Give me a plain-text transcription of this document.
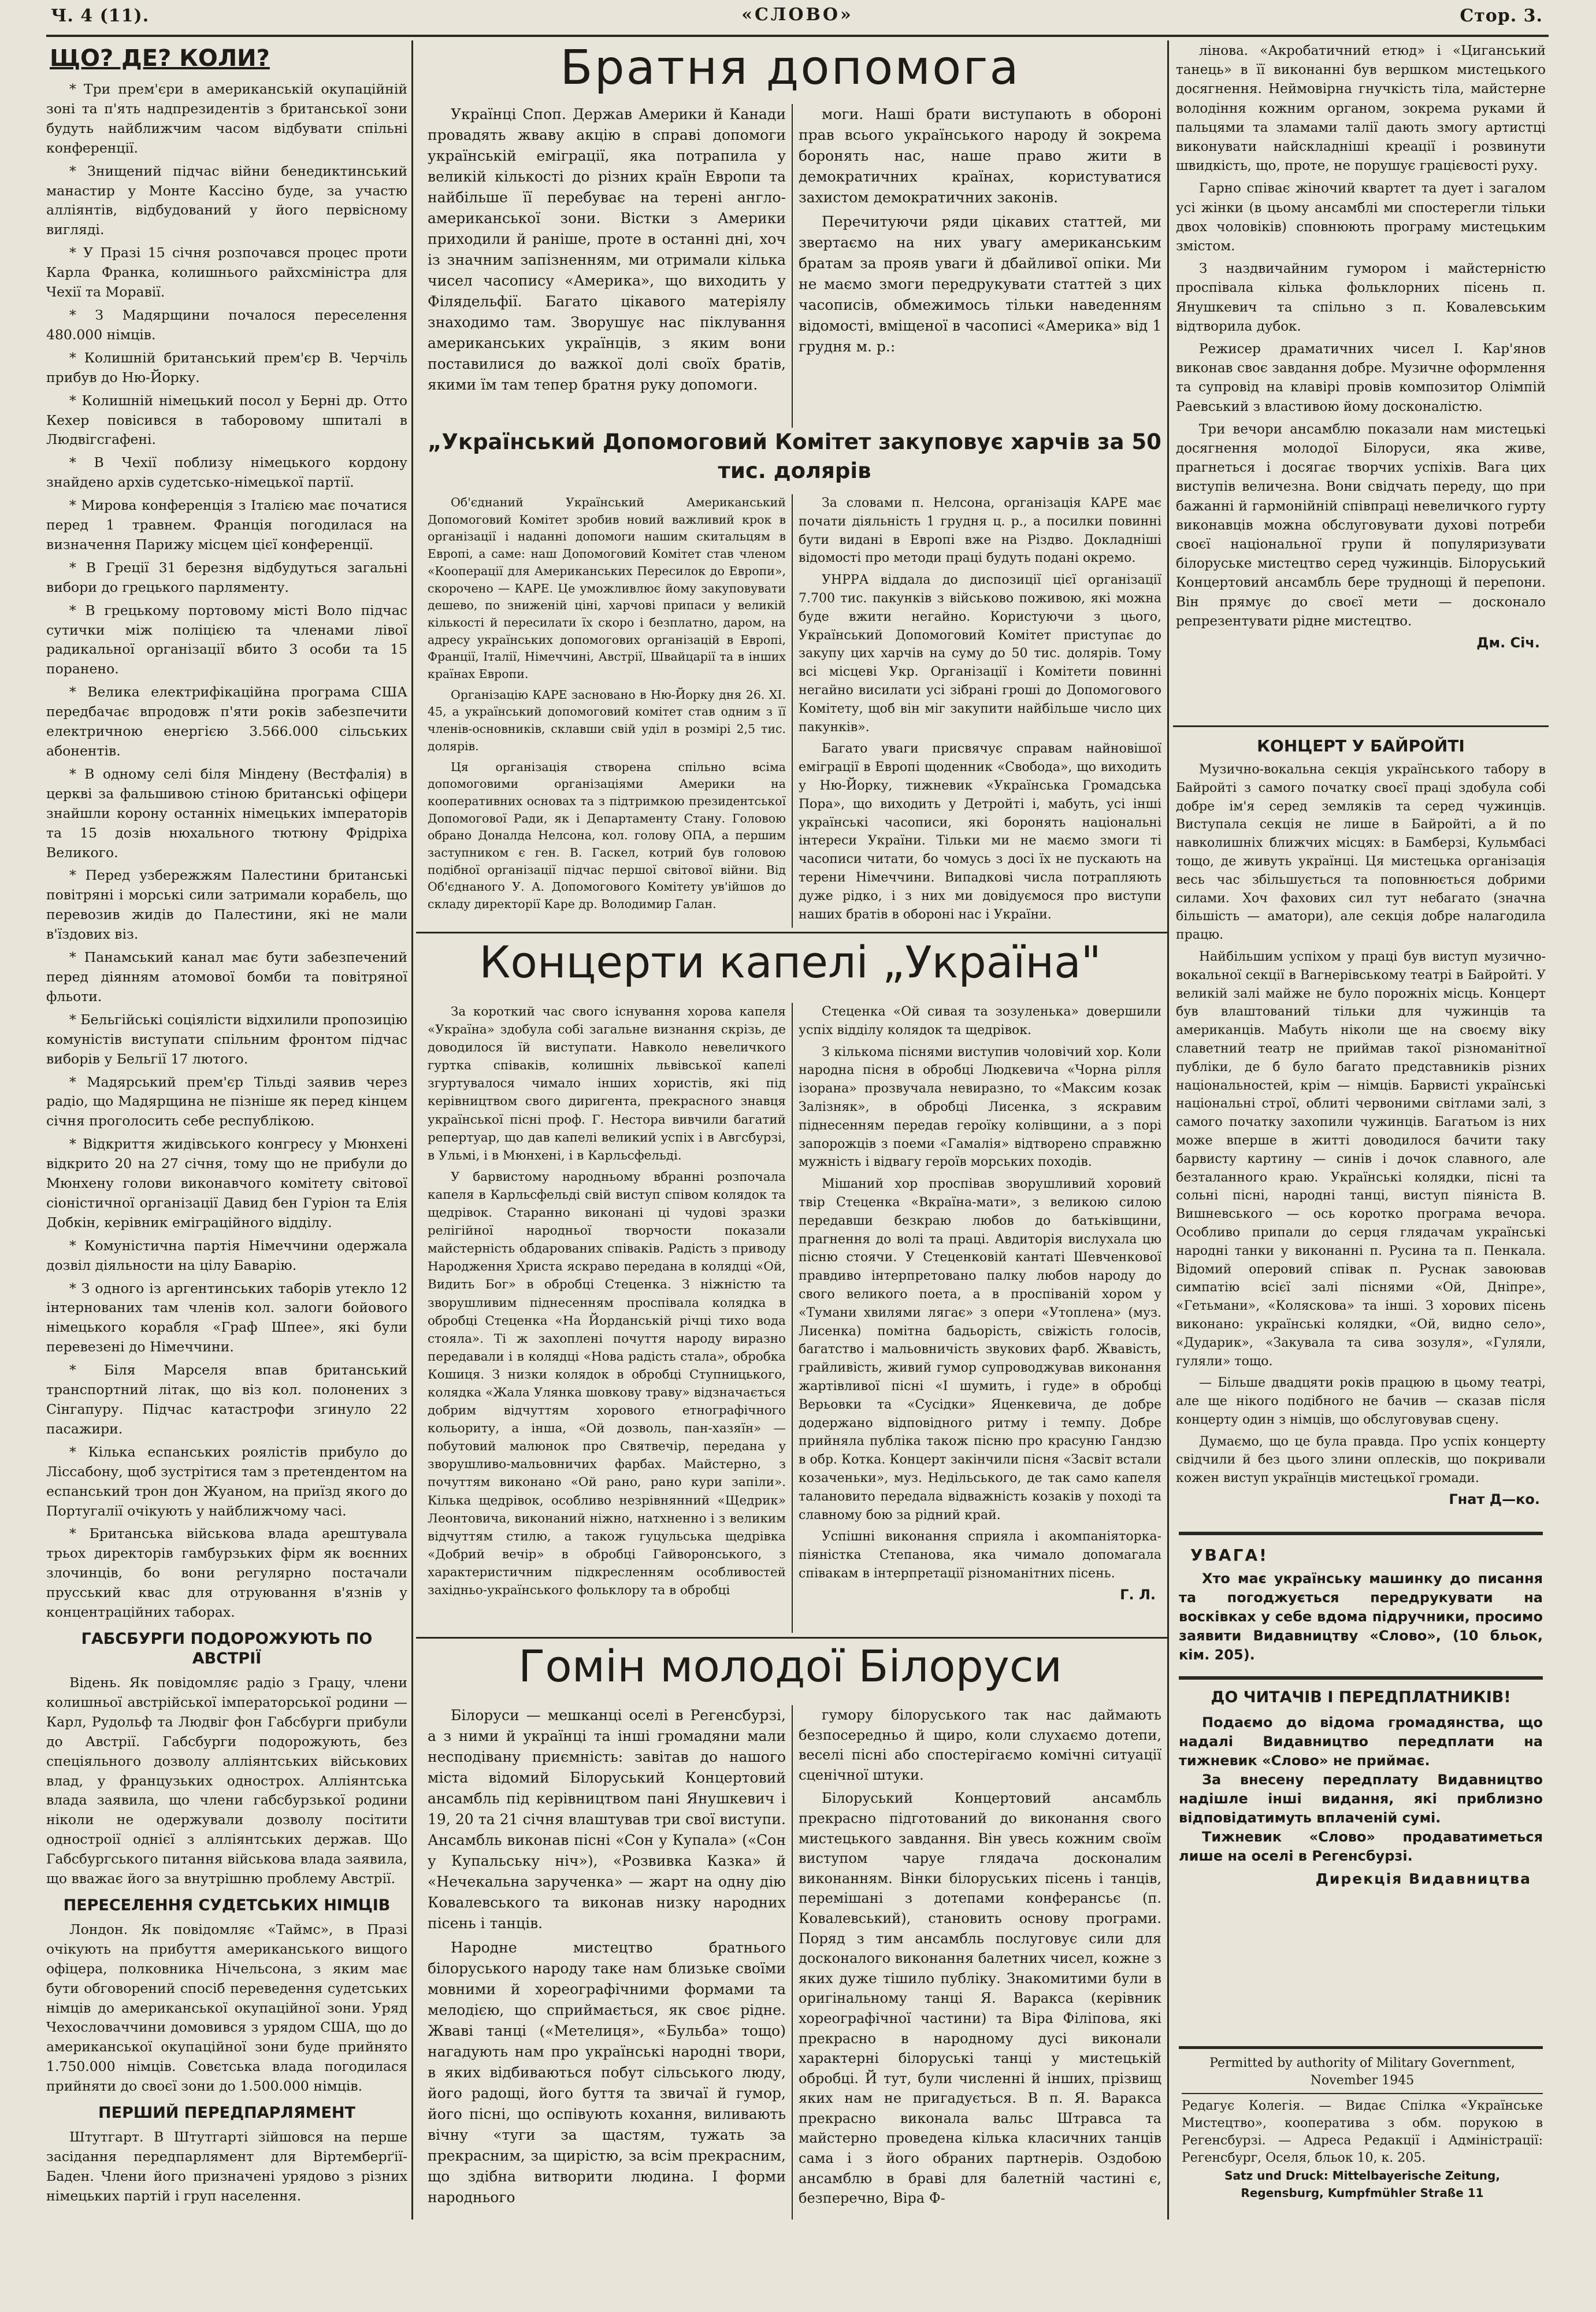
Ч. 4 (11).	«СЛОВО»	Стор. 3.
ЩО? ДЕ? КОЛИ?

* Три прем'єри в американській окупаційній зоні та п'ять надпрезидентів з британської зони будуть найближчим часом відбувати спільні конференції.

* Знищений підчас війни бенедиктинський манастир у Монте Кассіно буде, за участю алліянтів, відбудований у його первісному вигляді.

* У Празі 15 січня розпочався процес проти Карла Франка, колишнього райхсміністра для Чехії та Моравії.

* З Мадярщини почалося переселення 480.000 німців.

* Колишній британський прем'єр В. Черчіль прибув до Ню-Йорку.

* Колишній німецький посол у Берні др. Отто Кехер повісився в таборовому шпиталі в Людвігсгафені.

* В Чехії поблизу німецького кордону знайдено архів судетсько-німецької партії.

* Мирова конференція з Італією має початися перед 1 травнем. Франція погодилася на визначення Парижу місцем цієї конференції.

* В Греції 31 березня відбудуться загальні вибори до грецького парляменту.

* В грецькому портовому місті Воло підчас сутички між поліцією та членами лівої радикальної організації вбито 3 особи та 15 поранено.

* Велика електрифікаційна програма США передбачає впродовж п'яти років забезпечити електричною енергією 3.566.000 сільських абонентів.

* В одному селі біля Міндену (Вестфалія) в церкві за фальшивою стіною британські офіцери знайшли корону останніх німецьких імператорів та 15 дозів нюхального тютюну Фрідріха Великого.

* Перед узбережжям Палестини британські повітряні і морські сили затримали корабель, що перевозив жидів до Палестини, які не мали в'їздових віз.

* Панамський канал має бути забезпечений перед діянням атомової бомби та повітряної фльоти.

* Бельгійські соціялісти відхилили пропозицію комуністів виступати спільним фронтом підчас виборів у Бельгії 17 лютого.

* Мадярський прем'єр Тільді заявив через радіо, що Мадярщина не пізніше як перед кінцем січня проголосить себе республікою.

* Відкриття жидівського конгресу у Мюнхені відкрито 20 на 27 січня, тому що не прибули до Мюнхену голови виконавчого комітету світової сіоністичної організації Давид бен Гуріон та Елія Добкін, керівник еміграційного відділу.

* Комуністична партія Німеччини одержала дозвіл діяльности на цілу Баварію.

* З одного із аргентинських таборів утекло 12 інтернованих там членів кол. залоги бойового німецького корабля «Граф Шпее», які були перевезені до Німеччини.

* Біля Марселя впав британський транспортний літак, що віз кол. полонених з Сінгапуру. Підчас катастрофи згинуло 22 пасажири.

* Кілька еспанських роялістів прибуло до Ліссабону, щоб зустрітися там з претендентом на еспанський трон дон Жуаном, на приїзд якого до Португалії очікують у найближчому часі.

* Британська військова влада арештувала трьох директорів гамбурзьких фірм як воєнних злочинців, бо вони регулярно постачали прусський квас для отруювання в'язнів у концентраційних таборах.

ГАБСБУРГИ ПОДОРОЖУЮТЬ ПО АВСТРІЇ

Відень. Як повідомляє радіо з Грацу, члени колишньої австрійської імператорської родини — Карл, Рудольф та Людвіг фон Габсбурги прибули до Австрії. Габсбурги подорожують, без спеціяльного дозволу алліянтських військових влад, у французьких однострох. Алліянтська влада заявила, що члени габсбурзької родини ніколи не одержували дозволу посітити одностроії однієї з алліянтських держав. Що Габсбургського питання військова влада заявила, що вважає його за внутрішню проблему Австрії.

ПЕРЕСЕЛЕННЯ СУДЕТСЬКИХ НІМЦІВ

Лондон. Як повідомляє «Таймс», в Празі очікують на прибуття американського вищого офіцера, полковника Нічельсона, з яким має бути обговорений спосіб переведення судетських німців до американської окупаційної зони. Уряд Чехословаччини домовився з урядом США, що до американської окупаційної зони буде прийнято 1.750.000 німців. Совєтська влада погодилася прийняти до своєї зони до 1.500.000 німців.

ПЕРШИЙ ПЕРЕДПАРЛЯМЕНТ

Штутгарт. В Штутгарті зійшовся на перше засідання передпарлямент для Віртемберґії-Баден. Члени його призначені урядово з різних німецьких партій і груп населення.

Братня допомога

Українці Споп. Держав Америки й Канади провадять жваву акцію в справі допомоги українській еміграції, яка потрапила у великій кількості до різних країн Европи та найбільше її перебуває на терені англо-американської зони. Вістки з Америки приходили й раніше, проте в останні дні, хоч із значним запізненням, ми отримали кілька чисел часопису «Америка», що виходить у Філядельфії. Багато цікавого матеріялу знаходимо там. Зворушує нас піклування американських українців, з яким вони поставилися до важкої долі своїх братів, якими їм там тепер братня руку допомоги.

моги. Наші брати виступають в обороні прав всього українського народу й зокрема боронять нас, наше право жити в демократичних країнах, користуватися захистом демократичних законів.

Перечитуючи ряди цікавих статтей, ми звертаємо на них увагу американським братам за прояв уваги й дбайливої опіки. Ми не маємо змоги передрукувати статтей з цих часописів, обмежимось тільки наведенням відомості, вміщеної в часописі «Америка» від 1 грудня м. р.:

„Український Допомоговий Комітет закуповує харчів за 50 тис. долярів

Об'єднаний Український Американський Допомоговий Комітет зробив новий важливий крок в організації і наданні допомоги нашим скитальцям в Европі, а саме: наш Допомоговий Комітет став членом «Кооперації для Американських Пересилок до Европи», скорочено — КАРЕ. Це уможливлює йому закуповувати дешево, по зниженій ціні, харчові припаси у великій кількості й пересилати їх скоро і безплатно, даром, на адресу українських допомогових організацій в Европі, Франції, Італії, Німеччині, Австрії, Швайцарії та в інших країнах Европи.

Організацію КАРЕ засновано в Ню-Йорку дня 26. XI. 45, а український допомоговий комітет став одним з її членів-основників, склавши свій уділ в розмірі 2,5 тис. долярів.

Ця організація створена спільно всіма допомоговими організаціями Америки на кооперативних основах та з підтримкою президентської Допомогової Ради, як і Департаменту Стану. Головою обрано Доналда Нелсона, кол. голову ОПА, а першим заступником є ген. В. Гаскел, котрий був головою подібної організації підчас першої світової війни. Від Об'єднаного У. А. Допомогового Комітету ув'ійшов до складу директорії Каре др. Володимир Галан.

За словами п. Нелсона, організація КАРЕ має почати діяльність 1 грудня ц. р., а посилки повинні бути видані в Европі вже на Різдво. Докладніші відомості про методи праці будуть подані окремо.

УНРРА віддала до диспозиції цієї організації 7.700 тис. пакунків з військово поживою, які можна буде вжити негайно. Користуючи з цього, Український Допомоговий Комітет приступає до закупу цих харчів на суму до 50 тис. долярів. Тому всі місцеві Укр. Організації і Комітети повинні негайно висилати усі зібрані гроші до Допомогового Комітету, щоб він міг закупити найбільше число цих пакунків».

Багато уваги присвячує справам найновішої еміграції в Европі щоденник «Свобода», що виходить у Ню-Йорку, тижневик «Українська Громадська Пора», що виходить у Детройті і, мабуть, усі інші українські часописи, які боронять національні інтереси України. Тільки ми не маємо змоги ті часописи читати, бо чомусь з досі їх не пускають на терени Німеччини. Випадкові числа потрапляють дуже рідко, і з них ми довідуємося про виступи наших братів в обороні нас і України.

Концерти капелі „Україна"

За короткий час свого існування хорова капеля «Україна» здобула собі загальне визнання скрізь, де доводилося їй виступати. Навколо невеличкого гуртка співаків, колишніх львівської капелі згуртувалося чимало інших хористів, які під керівництвом свого диригента, прекрасного знавця української пісні проф. Г. Нестора вивчили багатий репертуар, що дав капелі великий успіх і в Авгсбурзі, в Ульмі, і в Мюнхені, і в Карльсфельді.

У барвистому народньому вбранні розпочала капеля в Карльсфельді свій виступ співом колядок та щедрівок. Старанно виконані ці чудові зразки релігійної народньої творчости показали майстерність обдарованих співаків. Радість з приводу Народження Христа яскраво передана в колядці «Ой, Видить Бог» в обробці Стеценка. З ніжністю та зворушливим піднесенням проспівала колядка в обробці Стеценка «На Йорданській річці тихо вода стояла». Ті ж захоплені почуття народу виразно передавали і в колядці «Нова радість стала», обробка Кошиця. З низки колядок в обробці Ступницького, колядка «Жала Улянка шовкову траву» відзначається добрим відчуттям хорового етнографічного кольориту, а інша, «Ой дозволь, пан-хазяїн» — побутовий малюнок про Святвечір, передана у зворушливо-мальовничих фарбах. Майстерно, з почуттям виконано «Ой рано, рано кури запіли». Кілька щедрівок, особливо незрівнянний «Щедрик» Леонтовича, виконаний ніжно, натхненно і з великим відчуттям стилю, а також гуцульська щедрівка «Добрий вечір» в обробці Гайворонського, з характеристичним підкресленням особливостей західньо-українського фольклору та в обробці

Стеценка «Ой сивая та зозуленька» довершили успіх відділу колядок та щедрівок.

З кількома піснями виступив чоловічий хор. Коли народна пісня в обробці Людкевича «Чорна рілля ізорана» прозвучала невиразно, то «Максим козак Залізняк», в обробці Лисенка, з яскравим піднесенням передав героїку колівщини, а з порі запорожців з поеми «Гамалія» відтворено справжню мужність і відвагу героїв морських походів.

Мішаний хор проспівав зворушливий хоровий твір Стеценка «Вкраїна-мати», з великою силою передавши безкраю любов до батьківщини, прагнення до волі та праці. Авдиторія вислухала цю пісню стоячи. У Стеценковій кантаті Шевченкової правдиво інтерпретовано палку любов народу до свого великого поета, а в проспіваній хором у «Тумани хвилями лягає» з опери «Утоплена» (муз. Лисенка) помітна бадьорість, свіжість голосів, багатство і мальовничість звукових фарб. Жвавість, грайливість, живий гумор супроводжував виконання жартівливої пісні «І шумить, і гуде» в обробці Верьовки та «Сусідки» Яценкевича, де добре додержано відповідного ритму і темпу. Добре прийняла публіка також пісню про красуню Гандзю в обр. Котка. Концерт закінчили пісня «Засвіт встали козаченьки», муз. Недільського, де так само капеля талановито передала відважність козаків у поході та славному бою за рідний край.

Успішні виконання сприяла і акомпаніяторка-піяністка Степанова, яка чимало допомагала співакам в інтерпретації різноманітних пісень.

Г. Л.
Гомін молодої Білоруси

Білоруси — мешканці оселі в Регенсбурзі, а з ними й українці та інші громадяни мали несподівану приємність: завітав до нашого міста відомий Білоруський Концертовий ансамбль під керівництвом пані Янушкевич і 19, 20 та 21 січня влаштував три свої виступи. Ансамбль виконав пісні «Сон у Купала» («Сон у Купальську ніч»), «Розвивка Казка» й «Нечекальна зарученка» — жарт на одну дію Ковалевського та виконав низку народних пісень і танців.

Народне мистецтво братнього білоруського народу таке нам близьке своїми мовними й хореографічними формами та мелодією, що сприймається, як своє рідне. Жваві танці («Метелиця», «Бульба» тощо) нагадують нам про українські народні твори, в яких відбиваються побут сільського люду, його радощі, його буття та звичаї й гумор, його пісні, що оспівують кохання, виливають вічну «туги за щастям, тужать за прекрасним, за щирістю, за всім прекрасним, що здібна витворити людина. І форми народнього

гумору білоруського так нас даймають безпосередньо й щиро, коли слухаємо дотепи, веселі пісні або спостерігаємо комічні ситуації сценічної штуки.

Білоруський Концертовий ансамбль прекрасно підготований до виконання свого мистецького завдання. Він увесь кожним своїм виступом чаруе глядача досконалим виконанням. Вінки білоруських пісень і танців, перемішані з дотепами конферансьє (п. Ковалевський), становить основу програми. Поряд з тим ансамбль послуговує сили для досконалого виконання балетних чисел, кожне з яких дуже тішило публіку. Знакомитими були в оригінальному танці Я. Варакса (керівник хореографічної частини) та Віра Філіпова, які прекрасно в народному дусі виконали характерні білоруські танці у мистецькій обробці. Й тут, були численні й інших, прізвищ яких нам не пригадується. В п. Я. Варакса прекрасно виконала вальс Штравса та майстерно проведена кілька класичних танців сама і з його обраних партнерів. Оздобою ансамблю в браві для балетній частині є, безперечно, Віра Ф-

лінова. «Акробатичний етюд» і «Циганський танець» в її виконанні був вершком мистецького досягнення. Неймовірна гнучкість тіла, майстерне володіння кожним органом, зокрема руками й пальцями та зламами талії дають змогу артистці виконувати найскладніші креації і розвинути швидкість, що, проте, не порушує грацієвості руху.

Гарно співає жіночий квартет та дует і загалом усі жінки (в цьому ансамблі ми спостерегли тільки двох чоловіків) сповнюють програму мистецьким змістом.

З наздвичайним гумором і майстерністю проспівала кілька фольклорних пісень п. Янушкевич та спільно з п. Ковалевським відтворила дубок.

Режисер драматичних чисел І. Кар'янов виконав своє завдання добре. Музичне оформлення та супровід на клавірі провів композитор Олімпій Раевський з властивою йому досконалістю.

Три вечори ансамблю показали нам мистецькі досягнення молодої Білоруси, яка живе, прагнеться і досягає творчих успіхів. Вага цих виступів величезна. Вони свідчать переду, що при бажанні й гармонійній співпраці невеличкого гурту виконавців можна обслуговувати духові потреби своєї національної групи й популяризувати білоруське мистецтво серед чужинців. Білоруський Концертовий ансамбль бере труднощі й перепони. Він прямує до своєї мети — досконало репрезентувати рідне мистецтво.

Дм. Січ.
КОНЦЕРТ У БАЙРОЙТІ

Музично-вокальна секція українського табору в Байройті з самого початку своєї праці здобула собі добре ім'я серед земляків та серед чужинців. Виступала секція не лише в Байройті, а й по навколишніх ближчих місцях: в Бамберзі, Кульмбасі тощо, де живуть українці. Ця мистецька організація весь час збільшується та поповнюється добрими силами. Хоч фахових сил тут небагато (значна більшість — аматори), але секція добре налагодила працю.

Найбільшим успіхом у праці був виступ музично-вокальної секції в Вагнерівському театрі в Байройті. У великій залі майже не було порожніх місць. Концерт був влаштований тільки для чужинців та американців. Мабуть ніколи ще на своєму віку славетний театр не приймав такої різноманітної публіки, де б було багато представників різних національностей, крім — німців. Барвисті українські національні строї, облиті червоними світлами залі, з самого початку захопили чужинців. Багатьом із них може вперше в житті доводилося бачити таку барвисту картину — синів і дочок славного, але безталанного краю. Українські колядки, пісні та сольні пісні, народні танці, виступ піяніста В. Вишневського — ось коротко програма вечора. Особливо припали до серця глядачам українські народні танки у виконанні п. Русина та п. Пенкала. Відомий оперовий співак п. Руснак завоював симпатію всієї залі піснями «Ой, Дніпре», «Гетьмани», «Коляскова» та інші. З хорових пісень виконано: українські колядки, «Ой, видно село», «Дударик», «Закувала та сива зозуля», «Гуляли, гуляли» тощо.

— Більше двадцяти років працюю в цьому театрі, але ще нікого подібного не бачив — сказав після концерту один з німців, що обслуговував сцену.

Думаємо, що це була правда. Про успіх концерту свідчили й без цього злини оплесків, що покривали кожен виступ українців мистецької громади.

Гнат Д—ко.
УВАГА!

Хто має українську машинку до писання та погоджується передрукувати на восківках у себе вдома підручники, просимо заявити Видавництву «Слово», (10 бльок, кім. 205).

ДО ЧИТАЧІВ І ПЕРЕДПЛАТНИКІВ!

Подаємо до відома громадянства, що надалі Видавництво передплати на тижневик «Слово» не приймає.

За внесену передплату Видавництво надішле інші видання, які приблизно відповідатимуть вплаченій сумі.

Тижневик «Слово» продаватиметься лише на оселі в Регенсбурзі.

Дирекція Видавництва

Permitted by authority of Military Government, November 1945

Редагує Колегія. — Видає Спілка «Українське Мистецтво», кооператива з обм. порукою в Регенсбурзі. — Адреса Редакції і Адміністрації: Регенсбург, Оселя, бльок 10, к. 205.

Satz und Druck: Mittelbayerische Zeitung, Regensburg, Kumpfmühler Straße 11
